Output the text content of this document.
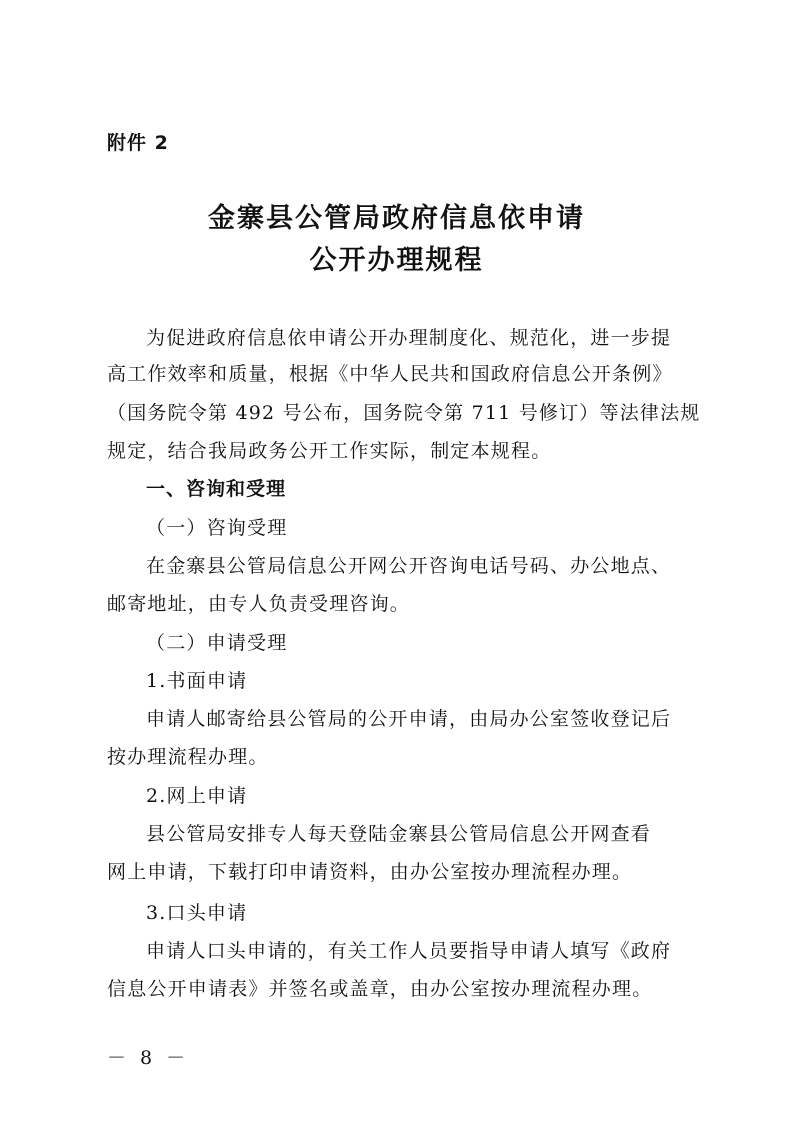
附件 2
金寨县公管局政府信息依申请
公开办理规程
为促进政府信息依申请公开办理制度化、规范化，进一步提
高工作效率和质量，根据《中华人民共和国政府信息公开条例》
（国务院令第 492 号公布，国务院令第 711 号修订）等法律法规
规定，结合我局政务公开工作实际，制定本规程。
一、咨询和受理
（一）咨询受理
在金寨县公管局信息公开网公开咨询电话号码、办公地点、
邮寄地址，由专人负责受理咨询。
（二）申请受理
1.书面申请
申请人邮寄给县公管局的公开申请，由局办公室签收登记后
按办理流程办理。
2.网上申请
县公管局安排专人每天登陆金寨县公管局信息公开网查看
网上申请，下载打印申请资料，由办公室按办理流程办理。
3.口头申请
申请人口头申请的，有关工作人员要指导申请人填写《政府
信息公开申请表》并签名或盖章，由办公室按办理流程办理。
－ 8 －
